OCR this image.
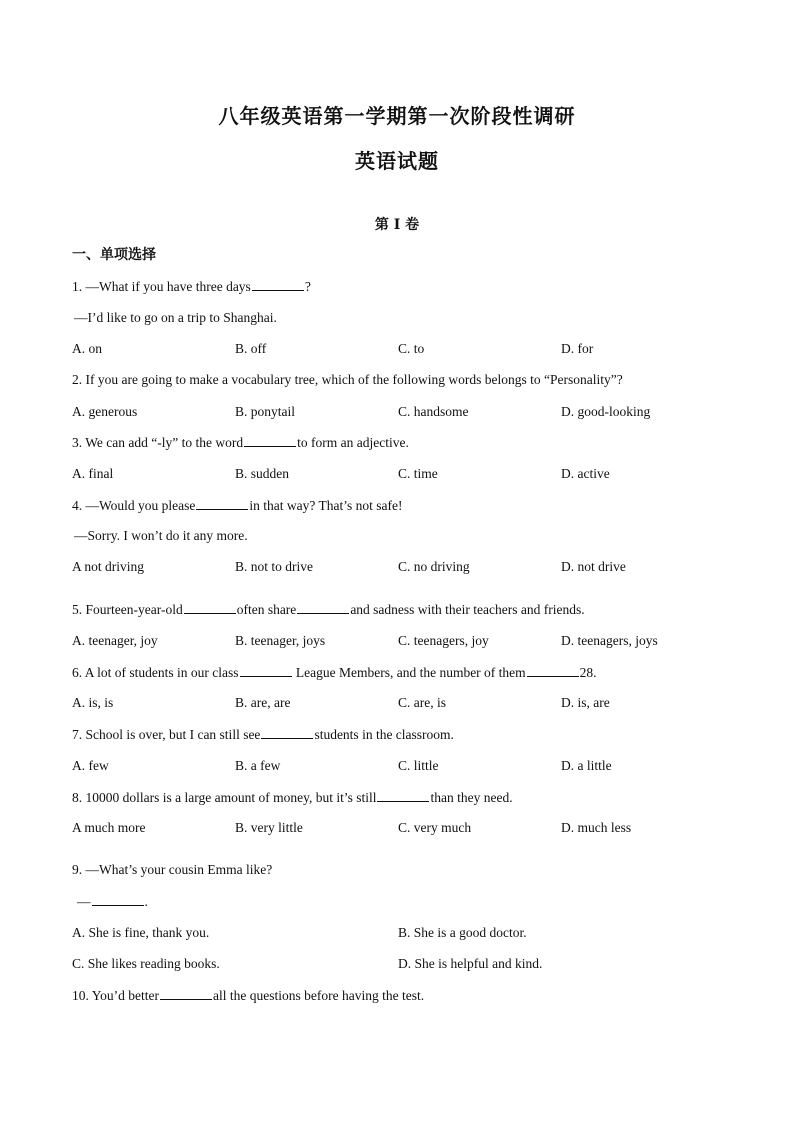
八年级英语第一学期第一次阶段性调研
英语试题
第 I 卷
一、单项选择
1. —What if you have three days	?
—I’d like to go on a trip to Shanghai.
A. on	B. off	C. to	D. for
2. If you are going to make a vocabulary tree, which of the following words belongs to “Personality”?
A. generous	B. ponytail	C. handsome	D. good-looking
3. We can add “-ly” to the word	to form an adjective.
A. final	B. sudden	C. time	D. active
4. —Would you please	in that way? That’s not safe!
—Sorry. I won’t do it any more.
A not driving	B. not to drive	C. no driving	D. not drive
5. Fourteen-year-old	often share	and sadness with their teachers and friends.
A. teenager, joy	B. teenager, joys	C. teenagers, joy	D. teenagers, joys
6. A lot of students in our class	League Members, and the number of them	28.
A. is, is	B. are, are	C. are, is	D. is, are
7. School is over, but I can still see	students in the classroom.
A. few	B. a few	C. little	D. a little
8. 10000 dollars is a large amount of money, but it’s still	than they need.
A much more	B. very little	C. very much	D. much less
9. —What’s your cousin Emma like?
—	.
A. She is fine, thank you.	B. She is a good doctor.
C. She likes reading books.	D. She is helpful and kind.
10. You’d better	all the questions before having the test.
